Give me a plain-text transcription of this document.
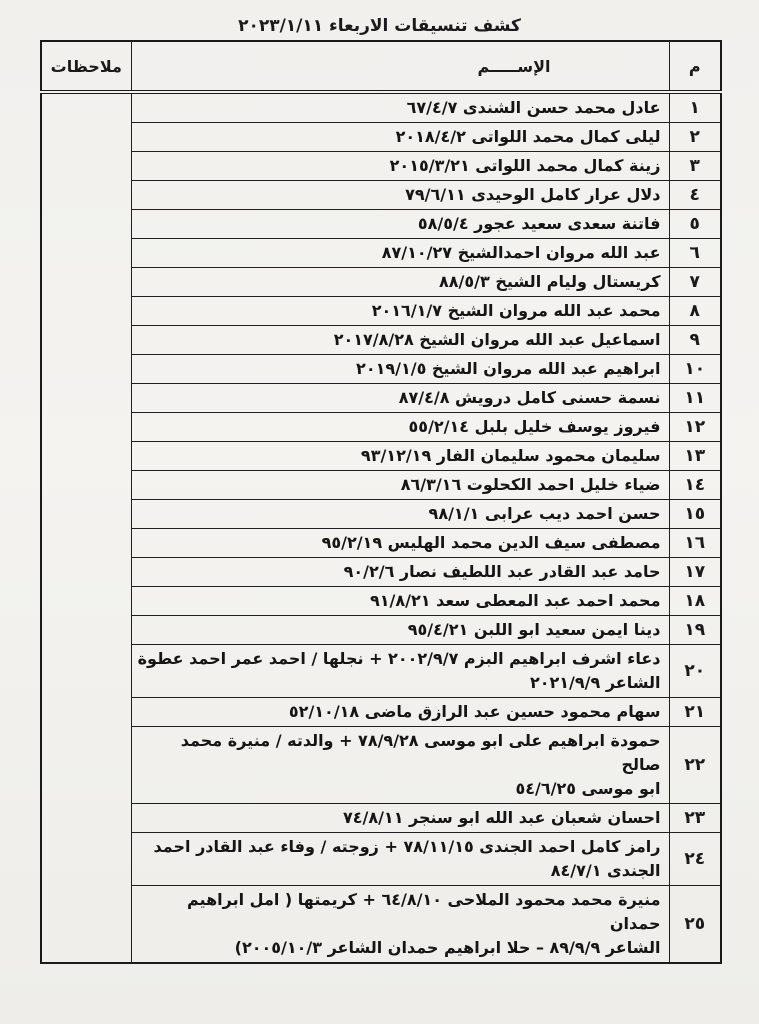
كشف تنسيقات الاربعاء ٢٠٢٣/١/١١
م	الإســـــم	ملاحظات
١	عادل محمد حسن الشندى ٦٧/٤/٧	

٢	ليلى كمال محمد اللواتى ٢٠١٨/٤/٢	

٣	زينة كمال محمد اللواتى ٢٠١٥/٣/٢١	

٤	دلال عرار كامل الوحيدى ٧٩/٦/١١	

٥	فاتنة سعدى سعيد عجور ٥٨/٥/٤	

٦	عبد الله مروان احمدالشيخ ٨٧/١٠/٢٧	

٧	كريستال وليام الشيخ ٨٨/٥/٣	

٨	محمد عبد الله مروان الشيخ ٢٠١٦/١/٧	

٩	اسماعيل عبد الله مروان الشيخ ٢٠١٧/٨/٢٨	

١٠	ابراهيم عبد الله مروان الشيخ ٢٠١٩/١/٥	

١١	نسمة حسنى كامل درويش ٨٧/٤/٨	

١٢	فيروز يوسف خليل بلبل ٥٥/٢/١٤	

١٣	سليمان محمود سليمان الفار ٩٣/١٢/١٩	

١٤	ضياء خليل احمد الكحلوت ٨٦/٣/١٦	

١٥	حسن احمد ديب عرابى ٩٨/١/١	

١٦	مصطفى سيف الدين محمد الهليس ٩٥/٢/١٩	

١٧	حامد عبد القادر عبد اللطيف نصار ٩٠/٢/٦	

١٨	محمد احمد عبد المعطى سعد ٩١/٨/٢١	

١٩	دينا ايمن سعيد ابو اللبن ٩٥/٤/٢١	

٢٠	دعاء اشرف ابراهيم البزم ٢٠٠٢/٩/٧ + نجلها / احمد عمر احمد عطوة
الشاعر ٢٠٢١/٩/٩	

٢١	سهام محمود حسين عبد الرازق ماضى ٥٢/١٠/١٨	

٢٢	حمودة ابراهيم على ابو موسى ٧٨/٩/٢٨ + والدته / منيرة محمد صالح
ابو موسى ٥٤/٦/٢٥	

٢٣	احسان شعبان عبد الله ابو سنجر ٧٤/٨/١١	

٢٤	رامز كامل احمد الجندى ٧٨/١١/١٥ + زوجته / وفاء عبد القادر احمد
الجندى ٨٤/٧/١	

٢٥	منيرة محمد محمود الملاحى ٦٤/٨/١٠ + كريمتها ( امل ابراهيم حمدان
الشاعر ٨٩/٩/٩ – حلا ابراهيم حمدان الشاعر ٢٠٠٥/١٠/٣)	
